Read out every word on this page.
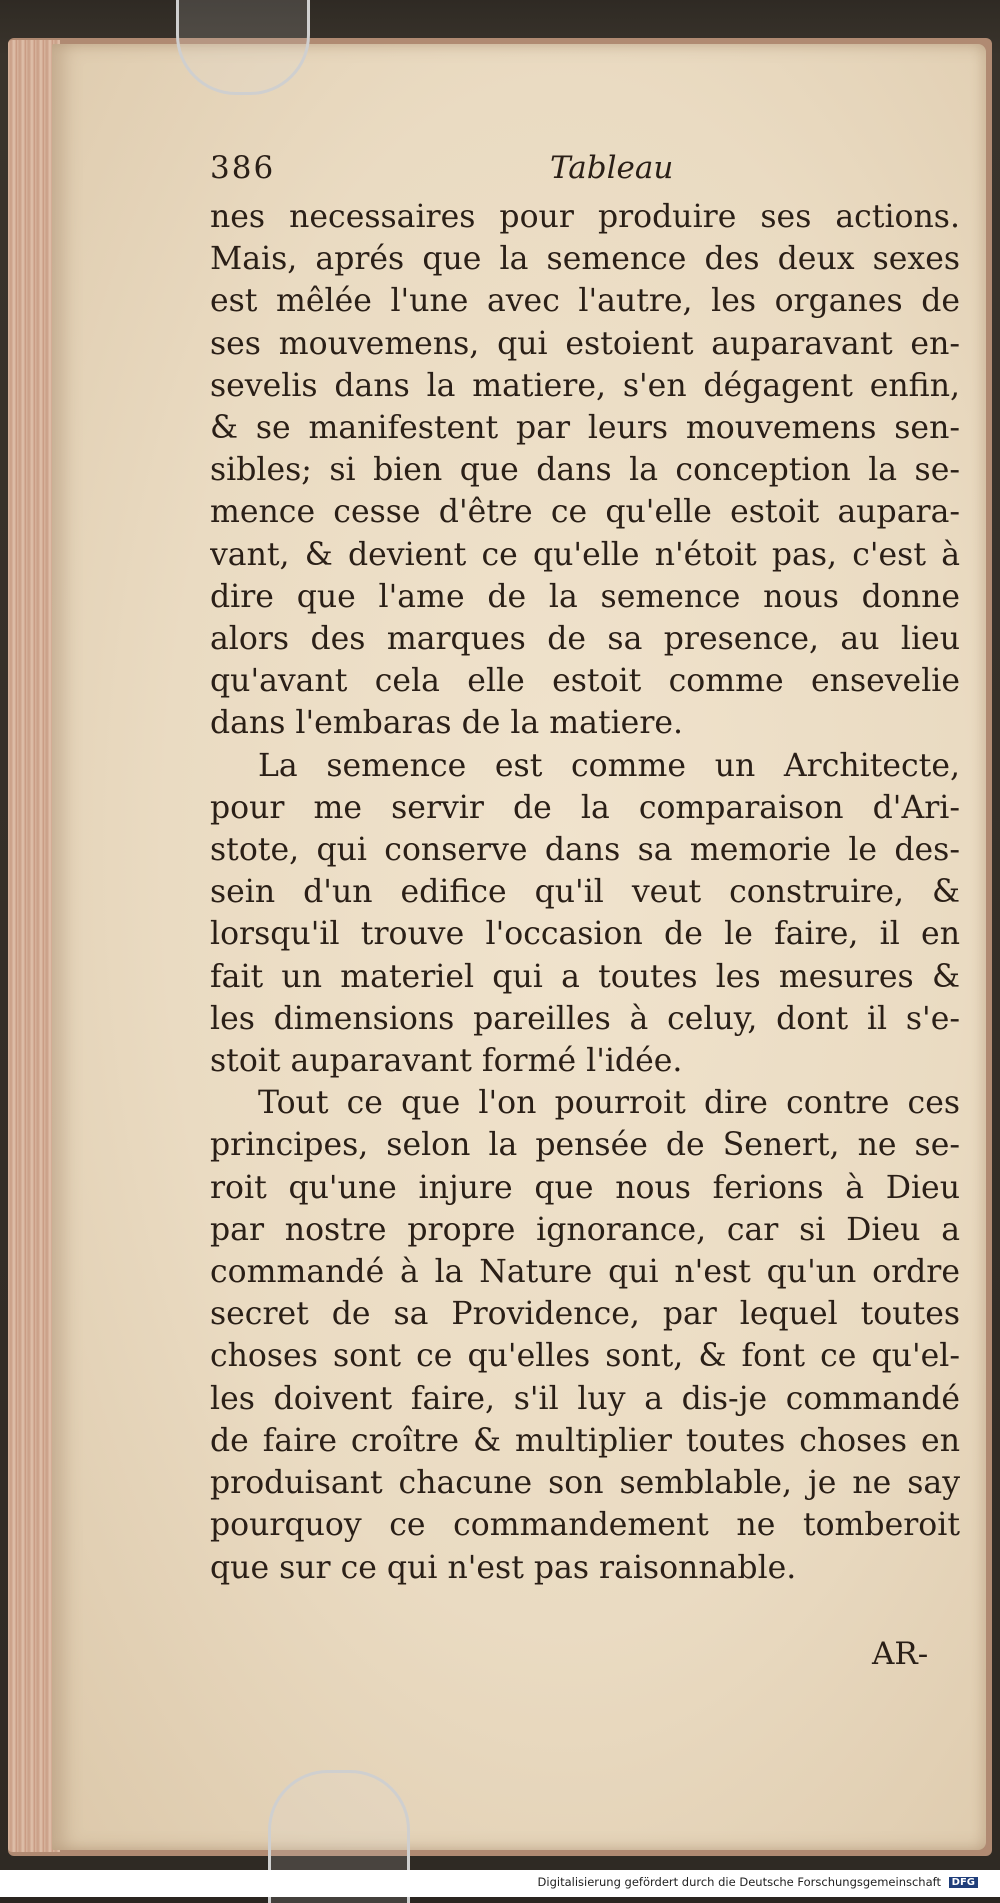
386	Tableau
nes necessaires pour produire ses actions.
Mais, aprés que la semence des deux sexes
est mêlée l'une avec l'autre, les organes de
ses mouvemens, qui estoient auparavant en-
sevelis dans la matiere, s'en dégagent enfin,
& se manifestent par leurs mouvemens sen-
sibles; si bien que dans la conception la se-
mence cesse d'être ce qu'elle estoit aupara-
vant, & devient ce qu'elle n'étoit pas, c'est à
dire que l'ame de la semence nous donne
alors des marques de sa presence, au lieu
qu'avant cela elle estoit comme ensevelie
dans l'embaras de la matiere.
La semence est comme un Architecte,
pour me servir de la comparaison d'Ari-
stote, qui conserve dans sa memorie le des-
sein d'un edifice qu'il veut construire, &
lorsqu'il trouve l'occasion de le faire, il en
fait un materiel qui a toutes les mesures &
les dimensions pareilles à celuy, dont il s'e-
stoit auparavant formé l'idée.
Tout ce que l'on pourroit dire contre ces
principes, selon la pensée de Senert, ne se-
roit qu'une injure que nous ferions à Dieu
par nostre propre ignorance, car si Dieu a
commandé à la Nature qui n'est qu'un ordre
secret de sa Providence, par lequel toutes
choses sont ce qu'elles sont, & font ce qu'el-
les doivent faire, s'il luy a dis-je commandé
de faire croître & multiplier toutes choses en
produisant chacune son semblable, je ne say
pourquoy ce commandement ne tomberoit
que sur ce qui n'est pas raisonnable.
AR-
Digitalisierung gefördert durch die Deutsche Forschungsgemeinschaft DFG
